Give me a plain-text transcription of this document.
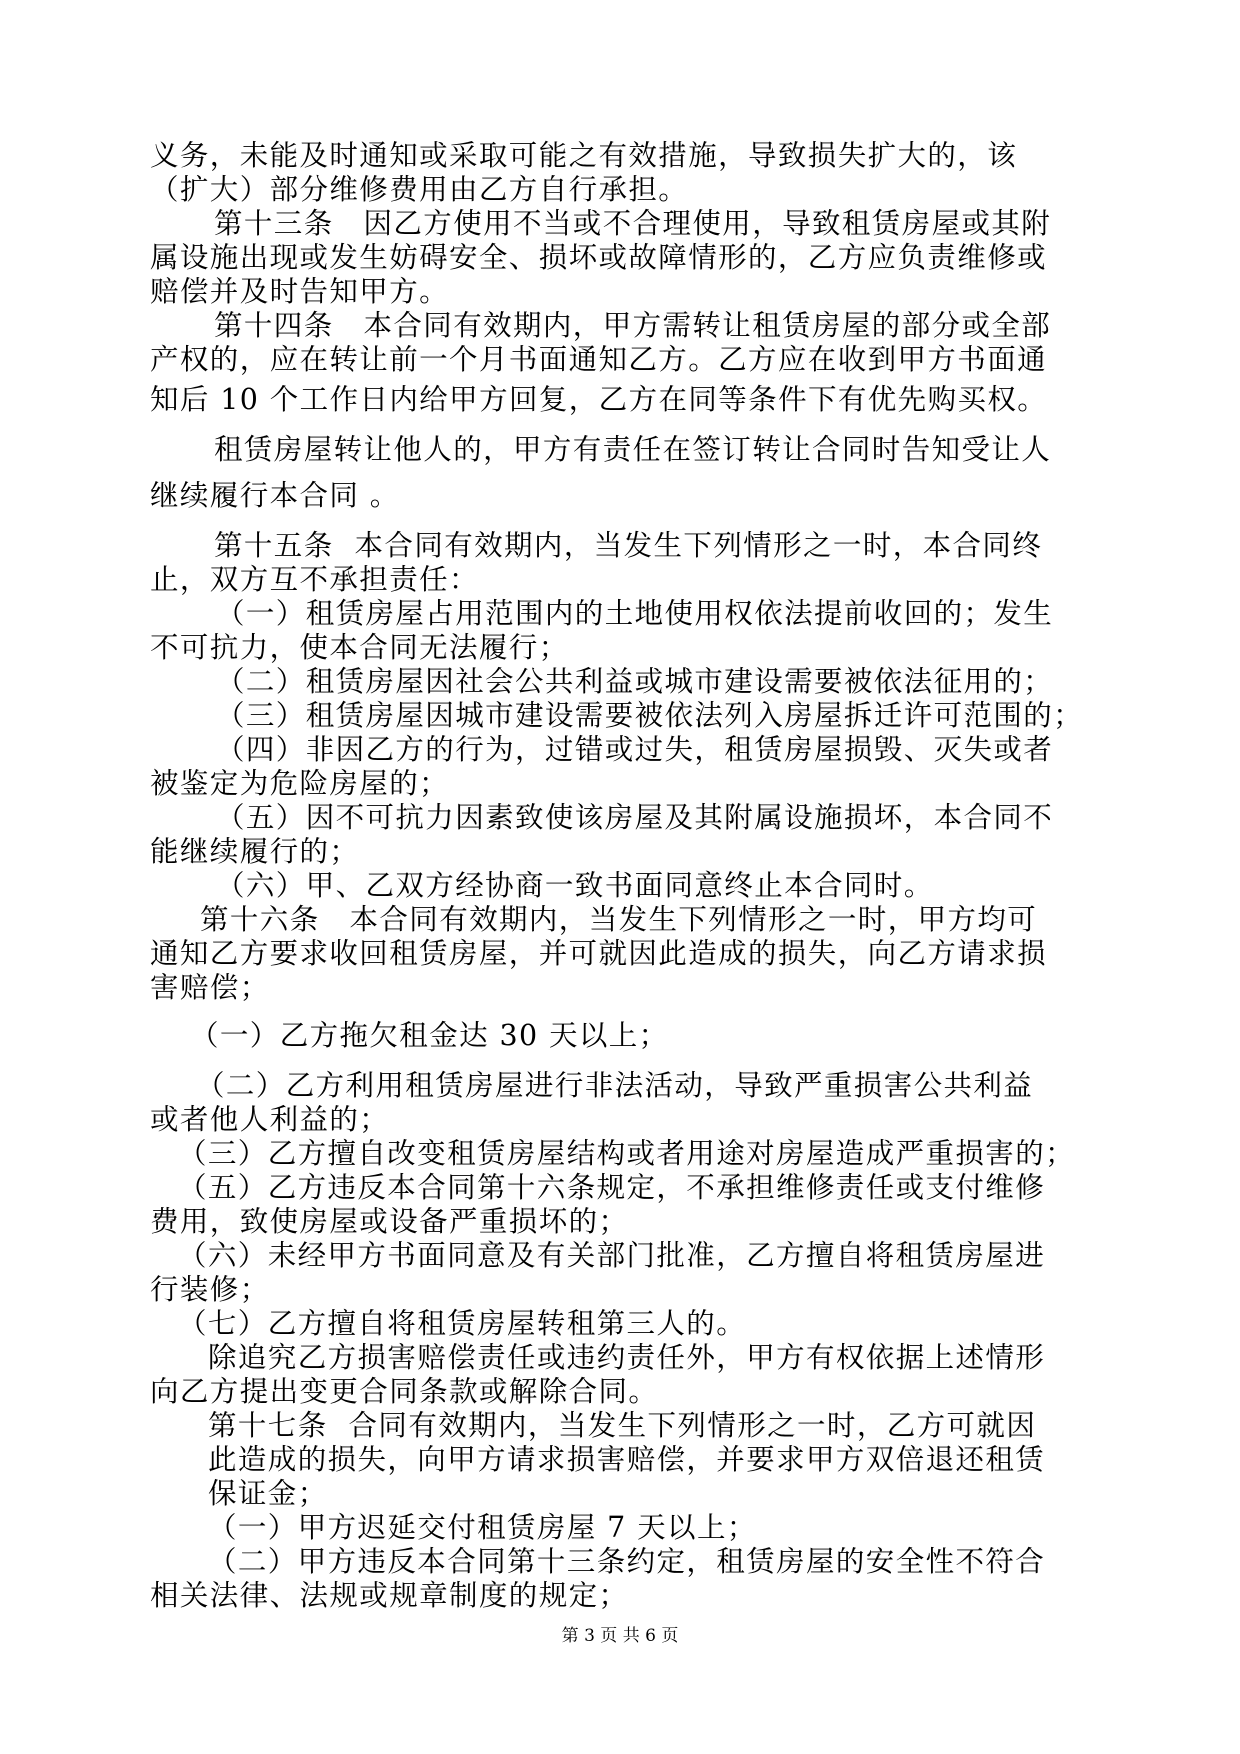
义务，未能及时通知或采取可能之有效措施，导致损失扩大的，该
（扩大）部分维修费用由乙方自行承担。
第十三条　因乙方使用不当或不合理使用，导致租赁房屋或其附
属设施出现或发生妨碍安全、损坏或故障情形的，乙方应负责维修或
赔偿并及时告知甲方。
第十四条　本合同有效期内，甲方需转让租赁房屋的部分或全部
产权的，应在转让前一个月书面通知乙方。乙方应在收到甲方书面通
知后 10 个工作日内给甲方回复，乙方在同等条件下有优先购买权。
租赁房屋转让他人的，甲方有责任在签订转让合同时告知受让人
继续履行本合同 。
第十五条  本合同有效期内，当发生下列情形之一时，本合同终
止，双方互不承担责任：
（一）租赁房屋占用范围内的土地使用权依法提前收回的；发生
不可抗力，使本合同无法履行；
（二）租赁房屋因社会公共利益或城市建设需要被依法征用的；
（三）租赁房屋因城市建设需要被依法列入房屋拆迁许可范围的；
（四）非因乙方的行为，过错或过失，租赁房屋损毁、灭失或者
被鉴定为危险房屋的；
（五）因不可抗力因素致使该房屋及其附属设施损坏，本合同不
能继续履行的；
（六）甲、乙双方经协商一致书面同意终止本合同时。
第十六条　本合同有效期内，当发生下列情形之一时，甲方均可
通知乙方要求收回租赁房屋，并可就因此造成的损失，向乙方请求损
害赔偿；
（一）乙方拖欠租金达 30 天以上；
（二）乙方利用租赁房屋进行非法活动，导致严重损害公共利益
或者他人利益的；
（三）乙方擅自改变租赁房屋结构或者用途对房屋造成严重损害的；
（五）乙方违反本合同第十六条规定，不承担维修责任或支付维修
费用，致使房屋或设备严重损坏的；
（六）未经甲方书面同意及有关部门批准，乙方擅自将租赁房屋进
行装修；
（七）乙方擅自将租赁房屋转租第三人的。
除追究乙方损害赔偿责任或违约责任外，甲方有权依据上述情形
向乙方提出变更合同条款或解除合同。
第十七条  合同有效期内，当发生下列情形之一时，乙方可就因
此造成的损失，向甲方请求损害赔偿，并要求甲方双倍退还租赁
保证金；
（一）甲方迟延交付租赁房屋 7 天以上；
（二）甲方违反本合同第十三条约定，租赁房屋的安全性不符合
相关法律、法规或规章制度的规定；
第 3 页 共 6 页
